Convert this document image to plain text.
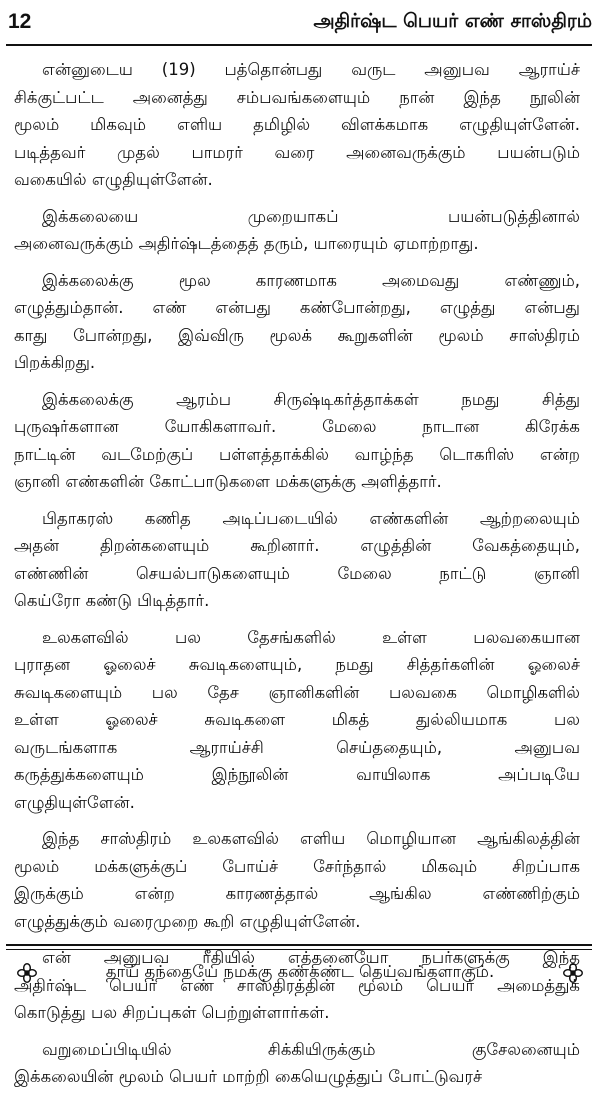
12	அதிர்ஷ்ட பெயர் எண் சாஸ்திரம்
என்னுடைய (19) பத்தொன்பது வருட அனுபவ ஆராய்ச்
சிக்குட்பட்ட அனைத்து சம்பவங்களையும் நான் இந்த நூலின்
மூலம் மிகவும் எளிய தமிழில் விளக்கமாக எழுதியுள்ளேன்.
படித்தவர் முதல் பாமரர் வரை அனைவருக்கும் பயன்படும்
வகையில் எழுதியுள்ளேன்.
இக்கலையை முறையாகப் பயன்படுத்தினால்
அனைவருக்கும் அதிர்ஷ்டத்தைத் தரும், யாரையும் ஏமாற்றாது.
இக்கலைக்கு மூல காரணமாக அமைவது எண்ணும்,
எழுத்தும்தான். எண் என்பது கண்போன்றது, எழுத்து என்பது
காது போன்றது, இவ்விரு மூலக் கூறுகளின் மூலம் சாஸ்திரம்
பிறக்கிறது.
இக்கலைக்கு ஆரம்ப சிருஷ்டிகர்த்தாக்கள் நமது சித்து
புருஷர்களான யோகிகளாவர். மேலை நாடான கிரேக்க
நாட்டின் வடமேற்குப் பள்ளத்தாக்கில் வாழ்ந்த டொகரிஸ் என்ற
ஞானி எண்களின் கோட்பாடுகளை மக்களுக்கு அளித்தார்.
பிதாகரஸ் கணித அடிப்படையில் எண்களின் ஆற்றலையும்
அதன் திறன்களையும் கூறினார். எழுத்தின் வேகத்தையும்,
எண்ணின் செயல்பாடுகளையும் மேலை நாட்டு ஞானி
கெய்ரோ கண்டு பிடித்தார்.
உலகளவில் பல தேசங்களில் உள்ள பலவகையான
புராதன ஓலைச் சுவடிகளையும், நமது சித்தர்களின் ஓலைச்
சுவடிகளையும் பல தேச ஞானிகளின் பலவகை மொழிகளில்
உள்ள ஓலைச் சுவடிகளை மிகத் துல்லியமாக பல
வருடங்களாக ஆராய்ச்சி செய்ததையும், அனுபவ
கருத்துக்களையும் இந்நூலின் வாயிலாக அப்படியே
எழுதியுள்ளேன்.
இந்த சாஸ்திரம் உலகளவில் எளிய மொழியான ஆங்கிலத்தின்
மூலம் மக்களுக்குப் போய்ச் சேர்ந்தால் மிகவும் சிறப்பாக
இருக்கும் என்ற காரணத்தால் ஆங்கில எண்ணிற்கும்
எழுத்துக்கும் வரைமுறை கூறி எழுதியுள்ளேன்.
என் அனுபவ ரீதியில் எத்தனையோ நபர்களுக்கு இந்த
அதிர்ஷ்ட பெயர் எண் சாஸ்திரத்தின் மூலம் பெயர் அமைத்துக்
கொடுத்து பல சிறப்புகள் பெற்றுள்ளார்கள்.
வறுமைப்பிடியில் சிக்கியிருக்கும் குசேலனையும்
இக்கலையின் மூலம் பெயர் மாற்றி கையெழுத்துப் போட்டுவரச்
தாய் தந்தையே நமக்கு கண்கண்ட தெய்வங்களாகும்.
